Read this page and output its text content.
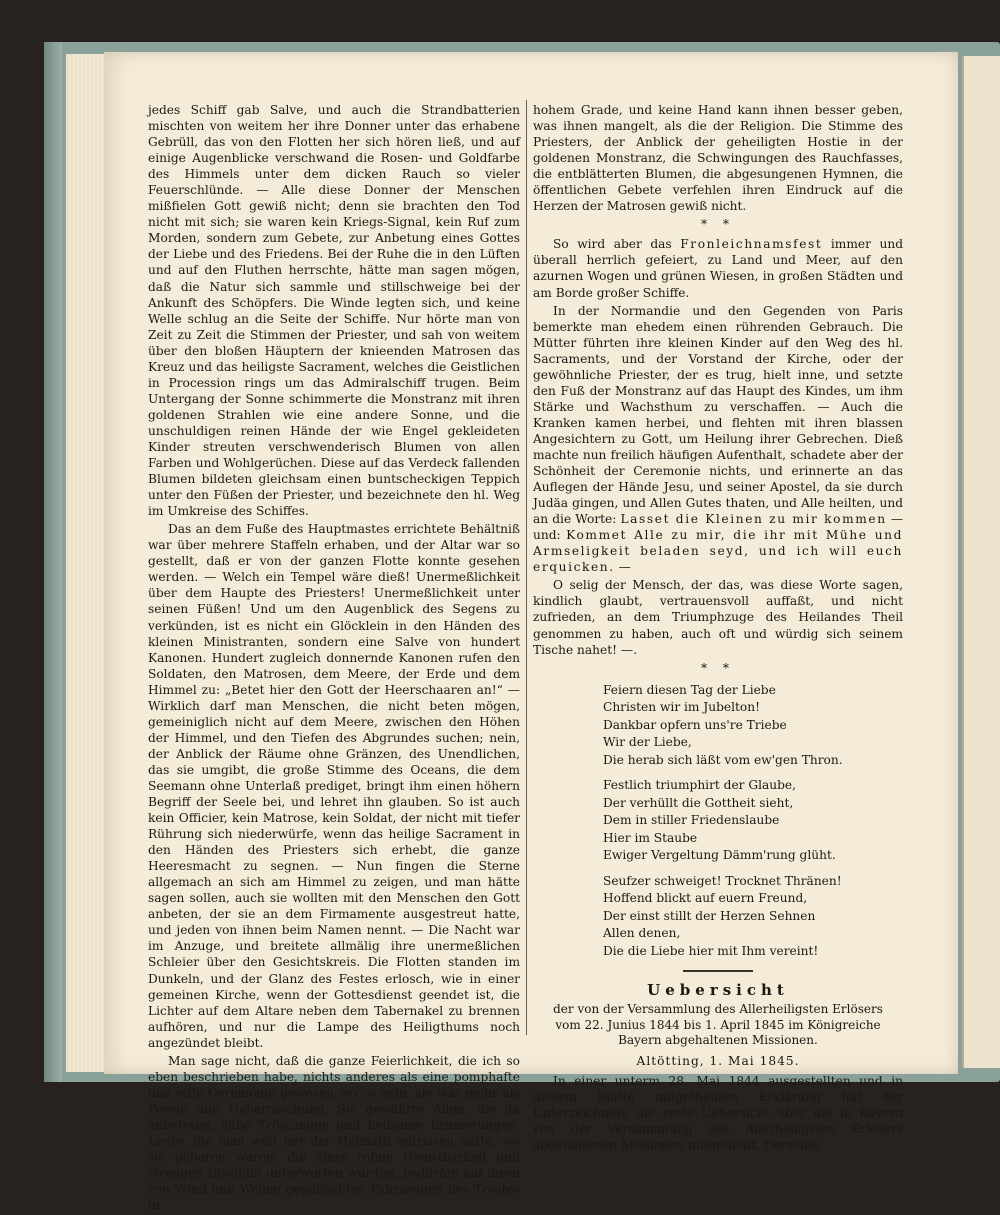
jedes Schiff gab Salve, und auch die Strandbatterien mischten von weitem her ihre Donner unter das erhabene Gebrüll, das von den Flotten her sich hören ließ, und auf einige Augenblicke verschwand die Rosen- und Goldfarbe des Himmels unter dem dicken Rauch so vieler Feuerschlünde. — Alle diese Donner der Menschen mißfielen Gott gewiß nicht; denn sie brachten den Tod nicht mit sich; sie waren kein Kriegs-Signal, kein Ruf zum Morden, sondern zum Gebete, zur Anbetung eines Gottes der Liebe und des Friedens. Bei der Ruhe die in den Lüften und auf den Fluthen herrschte, hätte man sagen mögen, daß die Natur sich sammle und stillschweige bei der Ankunft des Schöpfers. Die Winde legten sich, und keine Welle schlug an die Seite der Schiffe. Nur hörte man von Zeit zu Zeit die Stimmen der Priester, und sah von weitem über den bloßen Häuptern der knieenden Matrosen das Kreuz und das heiligste Sacrament, welches die Geistlichen in Procession rings um das Admiralschiff trugen. Beim Untergang der Sonne schimmerte die Monstranz mit ihren goldenen Strahlen wie eine andere Sonne, und die unschuldigen reinen Hände der wie Engel gekleideten Kinder streuten verschwenderisch Blumen von allen Farben und Wohlgerüchen. Diese auf das Verdeck fallenden Blumen bildeten gleichsam einen buntscheckigen Teppich unter den Füßen der Priester, und bezeichnete den hl. Weg im Umkreise des Schiffes.

Das an dem Fuße des Hauptmastes errichtete Behältniß war über mehrere Staffeln erhaben, und der Altar war so gestellt, daß er von der ganzen Flotte konnte gesehen werden. — Welch ein Tempel wäre dieß! Unermeßlichkeit über dem Haupte des Priesters! Unermeßlichkeit unter seinen Füßen! Und um den Augenblick des Segens zu verkünden, ist es nicht ein Glöcklein in den Händen des kleinen Ministranten, sondern eine Salve von hundert Kanonen. Hundert zugleich donnernde Kanonen rufen den Soldaten, den Matrosen, dem Meere, der Erde und dem Himmel zu: „Betet hier den Gott der Heerschaaren an!“ — Wirklich darf man Menschen, die nicht beten mögen, gemeiniglich nicht auf dem Meere, zwischen den Höhen der Himmel, und den Tiefen des Abgrundes suchen; nein, der Anblick der Räume ohne Gränzen, des Unendlichen, das sie umgibt, die große Stimme des Oceans, die dem Seemann ohne Unterlaß prediget, bringt ihm einen höhern Begriff der Seele bei, und lehret ihn glauben. So ist auch kein Officier, kein Matrose, kein Soldat, der nicht mit tiefer Rührung sich niederwürfe, wenn das heilige Sacrament in den Händen des Priesters sich erhebt, die ganze Heeresmacht zu segnen. — Nun fingen die Sterne allgemach an sich am Himmel zu zeigen, und man hätte sagen sollen, auch sie wollten mit den Menschen den Gott anbeten, der sie an dem Firmamente ausgestreut hatte, und jeden von ihnen beim Namen nennt. — Die Nacht war im Anzuge, und breitete allmälig ihre unermeßlichen Schleier über den Gesichtskreis. Die Flotten standen im Dunkeln, und der Glanz des Festes erlosch, wie in einer gemeinen Kirche, wenn der Gottesdienst geendet ist, die Lichter auf dem Altare neben dem Tabernakel zu brennen aufhören, und nur die Lampe des Heiligthums noch angezündet bleibt.

Man sage nicht, daß die ganze Feierlichkeit, die ich so eben beschrieben habe, nichts anderes als eine pomphafte und eitle Ceremonie gewesen sey: o nein, sie war mehr als Poesie und Ueberraschung. Sie gewährte Allen, die da anbeteten, süße Tröstungen und heilsame Erinnerungen. Leute, die man weit her der Heimath entrissen hatte, wo sie geboren waren, die einer rohen Dienstbarkeit und strengen Disciplin unterworfen wurden, bedürfen auf ihren von Wind und Wellen gepeitschten Fahrzeugen des Trostes in

hohem Grade, und keine Hand kann ihnen besser geben, was ihnen mangelt, als die der Religion. Die Stimme des Priesters, der Anblick der geheiligten Hostie in der goldenen Monstranz, die Schwingungen des Rauchfasses, die entblätterten Blumen, die abgesungenen Hymnen, die öffentlichen Gebete verfehlen ihren Eindruck auf die Herzen der Matrosen gewiß nicht.

* *

So wird aber das Fronleichnamsfest immer und überall herrlich gefeiert, zu Land und Meer, auf den azurnen Wogen und grünen Wiesen, in großen Städten und am Borde großer Schiffe.

In der Normandie und den Gegenden von Paris bemerkte man ehedem einen rührenden Gebrauch. Die Mütter führten ihre kleinen Kinder auf den Weg des hl. Sacraments, und der Vorstand der Kirche, oder der gewöhnliche Priester, der es trug, hielt inne, und setzte den Fuß der Monstranz auf das Haupt des Kindes, um ihm Stärke und Wachsthum zu verschaffen. — Auch die Kranken kamen herbei, und flehten mit ihren blassen Angesichtern zu Gott, um Heilung ihrer Gebrechen. Dieß machte nun freilich häufigen Aufenthalt, schadete aber der Schönheit der Ceremonie nichts, und erinnerte an das Auflegen der Hände Jesu, und seiner Apostel, da sie durch Judäa gingen, und Allen Gutes thaten, und Alle heilten, und an die Worte: Lasset die Kleinen zu mir kommen — und: Kommet Alle zu mir, die ihr mit Mühe und Armseligkeit beladen seyd, und ich will euch erquicken. —

O selig der Mensch, der das, was diese Worte sagen, kindlich glaubt, vertrauensvoll auffaßt, und nicht zufrieden, an dem Triumphzuge des Heilandes Theil genommen zu haben, auch oft und würdig sich seinem Tische nahet! —.

* *
Feiern diesen Tag der Liebe
Christen wir im Jubelton!
Dankbar opfern uns're Triebe
Wir der Liebe,
Die herab sich läßt vom ew'gen Thron.
Festlich triumphirt der Glaube,
Der verhüllt die Gottheit sieht,
Dem in stiller Friedenslaube
Hier im Staube
Ewiger Vergeltung Dämm'rung glüht.
Seufzer schweiget! Trocknet Thränen!
Hoffend blickt auf euern Freund,
Der einst stillt der Herzen Sehnen
Allen denen,
Die die Liebe hier mit Ihm vereint!
Uebersicht
der von der Versammlung des Allerheiligsten Erlösers vom 22. Junius 1844 bis 1. April 1845 im Königreiche Bayern abgehaltenen Missionen.
Altötting, 1. Mai 1845.

In einer unterm 28. Mai 1844 ausgestellten und in diesem Blatte mitgetheilten Erklärung hat der Unterzeichnete die erste Uebersicht über die in Bayern von der Versammlung des Allerheiligsten Erlösers abgehaltenen Missionen mitgetheilt. Derselbe
